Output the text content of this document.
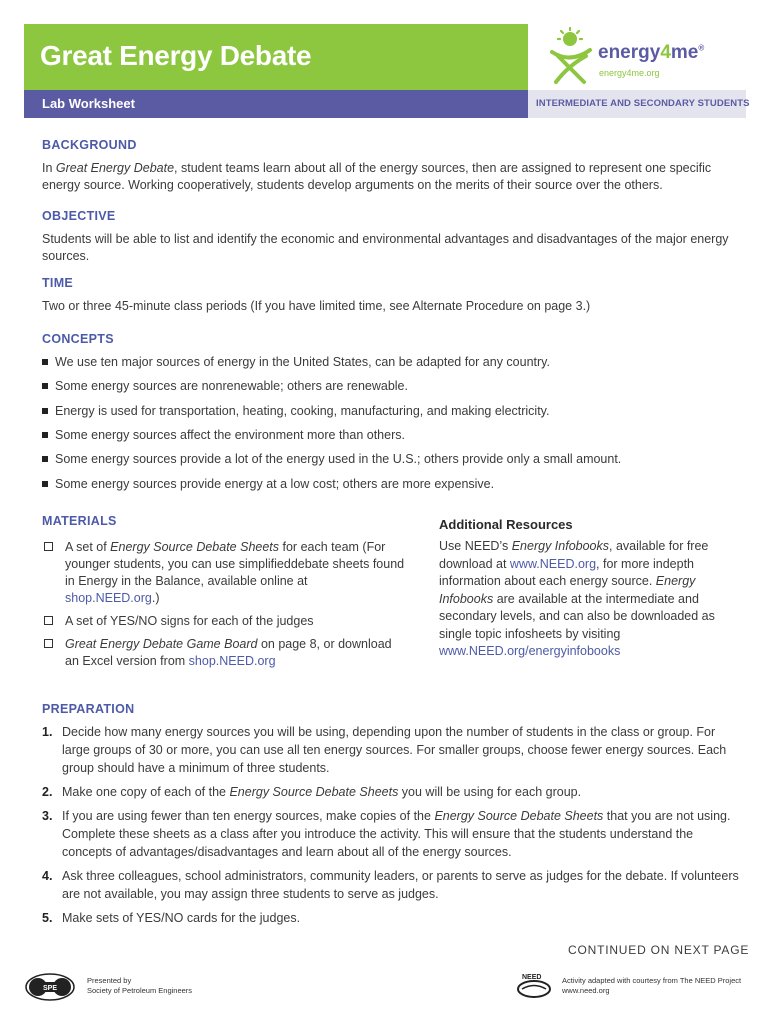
Great Energy Debate	energy4me®
energy4me.org
Lab Worksheet	INTERMEDIATE AND SECONDARY STUDENTS
BACKGROUND
In Great Energy Debate, student teams learn about all of the energy sources, then are assigned to represent one specific energy source. Working cooperatively, students develop arguments on the merits of their source over the others.
OBJECTIVE
Students will be able to list and identify the economic and environmental advantages and disadvantages of the major energy sources.
TIME
Two or three 45-minute class periods (If you have limited time, see Alternate Procedure on page 3.)
CONCEPTS
We use ten major sources of energy in the United States, can be adapted for any country.
Some energy sources are nonrenewable; others are renewable.
Energy is used for transportation, heating, cooking, manufacturing, and making electricity.
Some energy sources affect the environment more than others.
Some energy sources provide a lot of the energy used in the U.S.; others provide only a small amount.
Some energy sources provide energy at a low cost; others are more expensive.
MATERIALS
A set of Energy Source Debate Sheets for each team (For younger students, you can use simplifieddebate sheets found in Energy in the Balance, available online at shop.NEED.org.)
A set of YES/NO signs for each of the judges
Great Energy Debate Game Board on page 8, or download an Excel version from shop.NEED.org
Additional Resources
Use NEED’s Energy Infobooks, available for free download at www.NEED.org, for more indepth information about each energy source. Energy Infobooks are available at the intermediate and secondary levels, and can also be downloaded as single topic infosheets by visiting www.NEED.org/energyinfobooks
PREPARATION
1. Decide how many energy sources you will be using, depending upon the number of students in the class or group. For large groups of 30 or more, you can use all ten energy sources. For smaller groups, choose fewer energy sources. Each group should have a minimum of three students.
2. Make one copy of each of the Energy Source Debate Sheets you will be using for each group.
3. If you are using fewer than ten energy sources, make copies of the Energy Source Debate Sheets that you are not using. Complete these sheets as a class after you introduce the activity. This will ensure that the students understand the concepts of advantages/disadvantages and learn about all of the energy sources.
4. Ask three colleagues, school administrators, community leaders, or parents to serve as judges for the debate. If volunteers are not available, you may assign three students to serve as judges.
5. Make sets of YES/NO cards for the judges.
CONTINUED ON NEXT PAGE
SPE
Presented by
Society of Petroleum Engineers
NEED	Activity adapted with courtesy from The NEED Project
www.need.org
